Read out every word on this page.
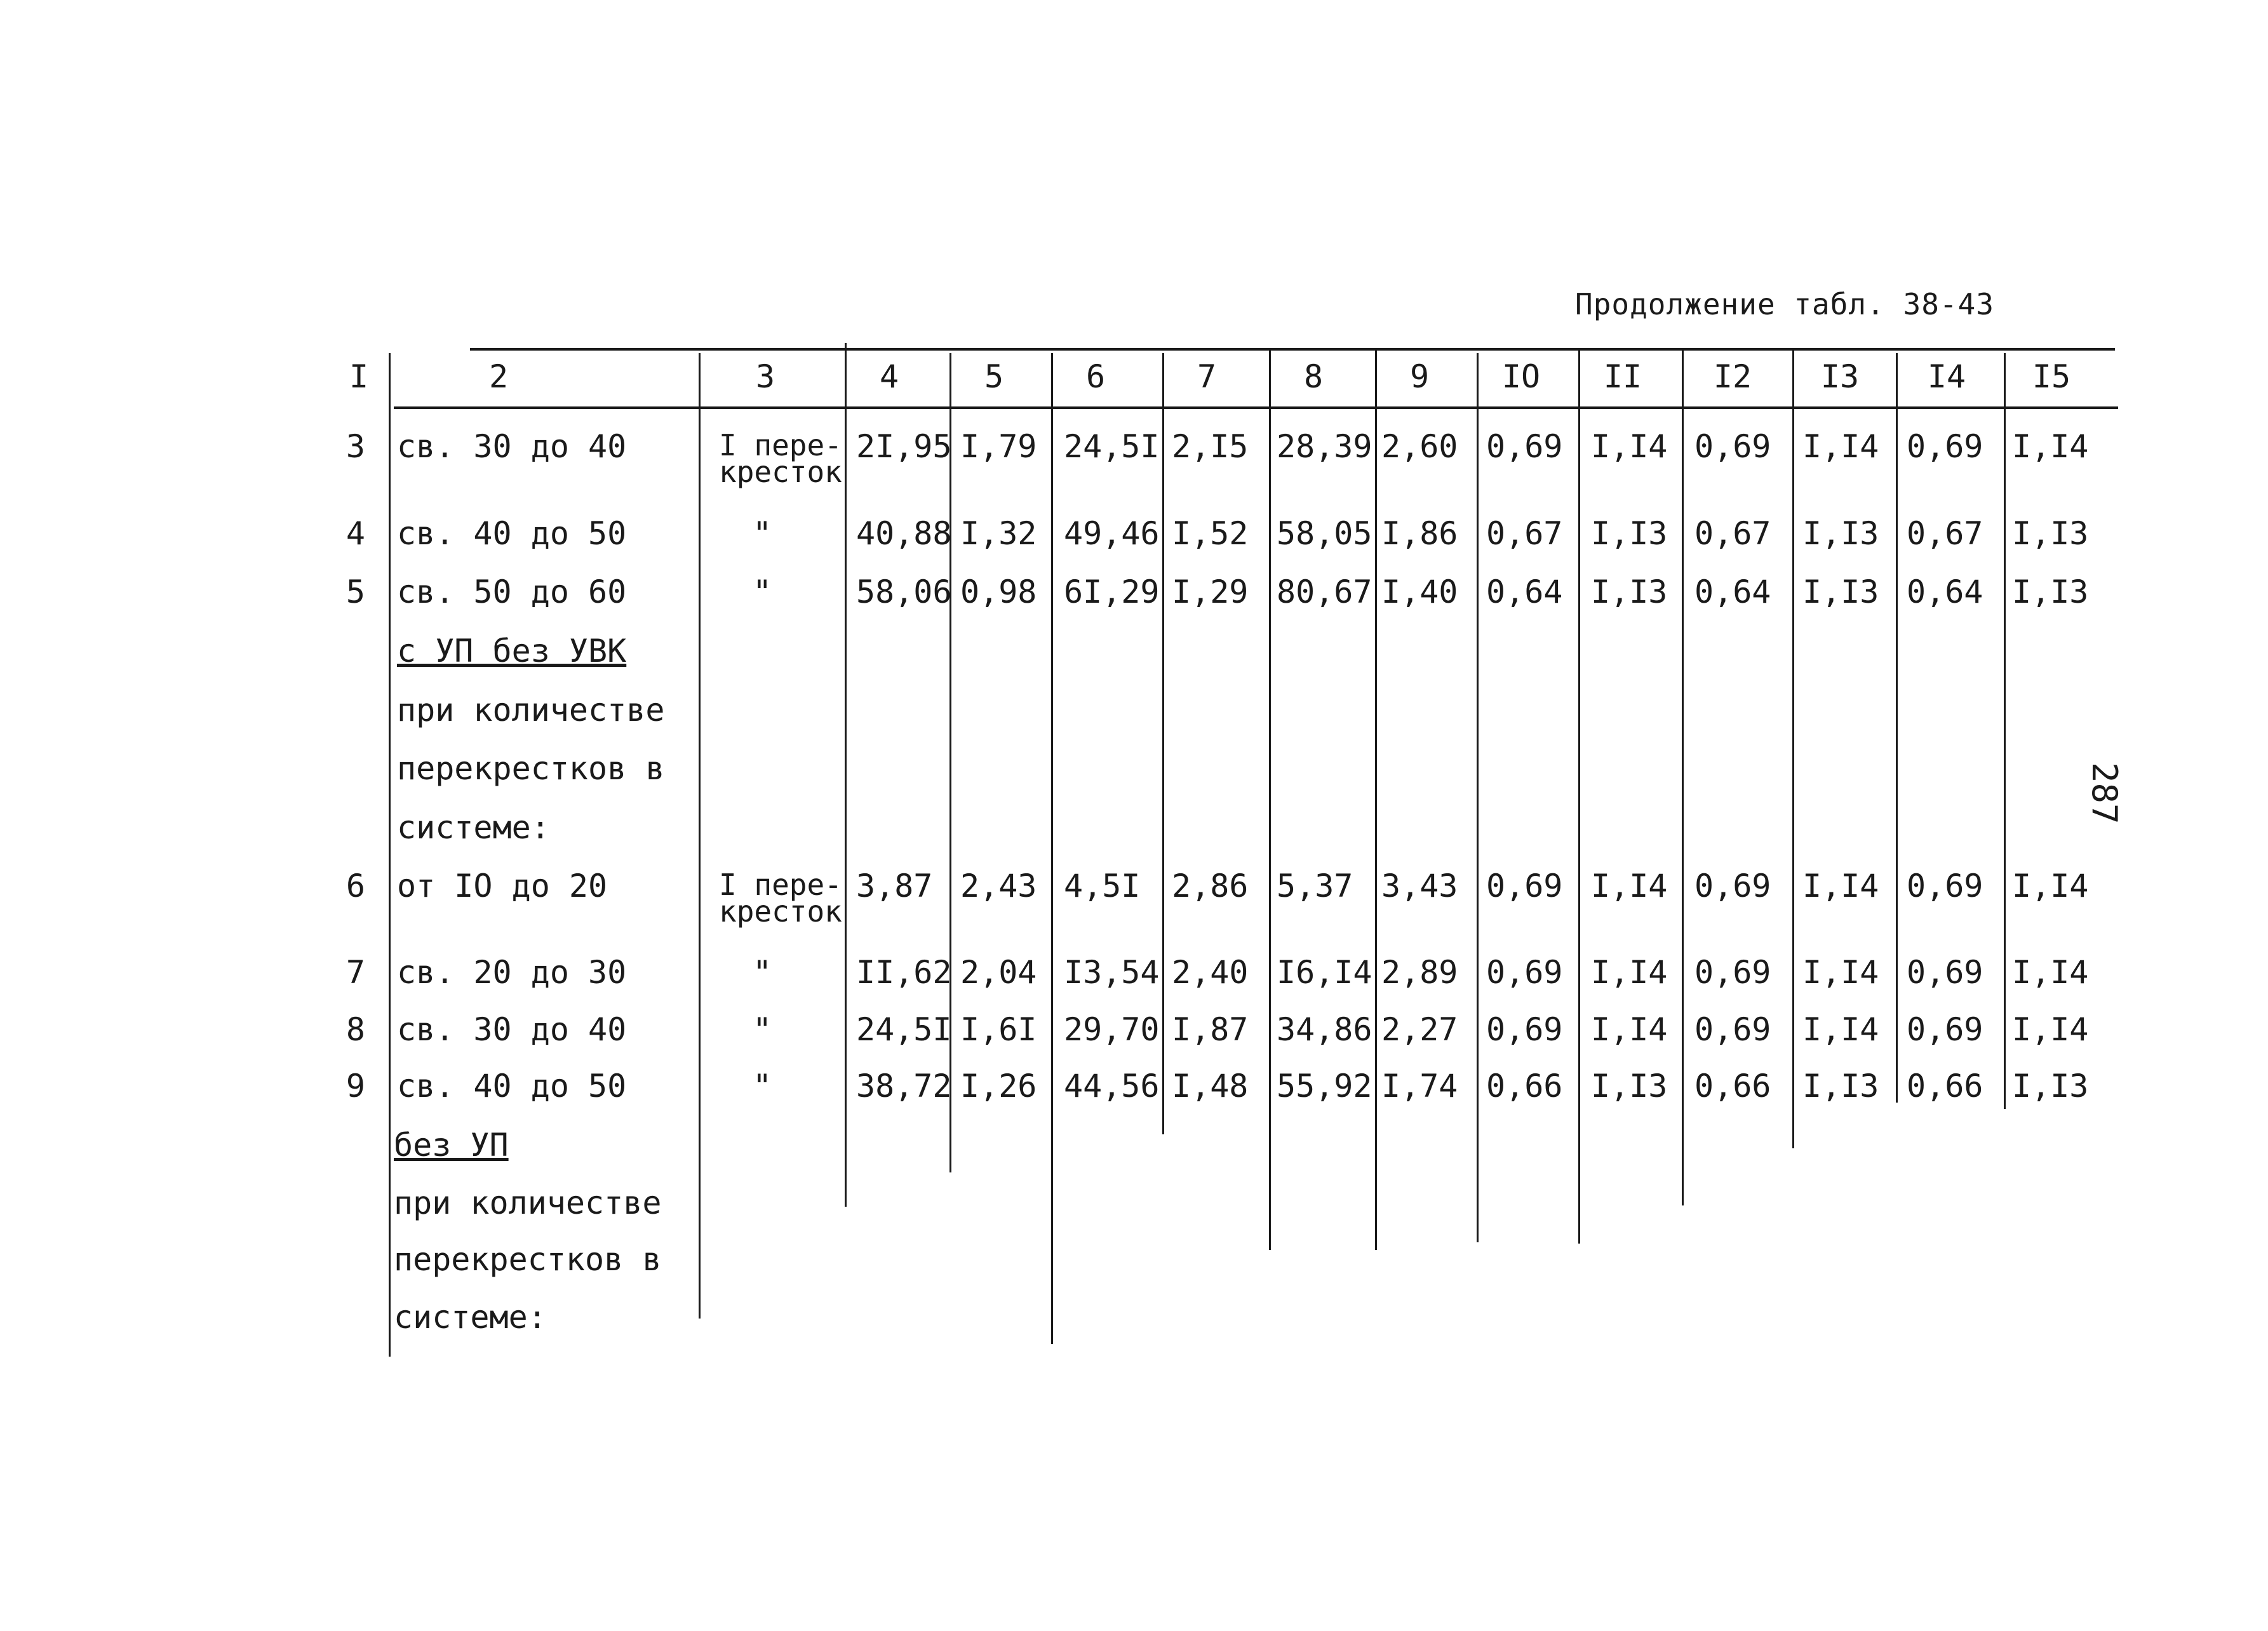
Продолжение табл. 38-43
287
I	2	3	4	5	6	7	8	9	IO	II	I2	I3	I4	I5
3 св. 30 до 40	I пере-
кресток
2I,95 I,79 24,5I 2,I5 28,39 2,60 0,69 I,I4 0,69 I,I4 0,69 I,I4
4 св. 40 до 50	"	40,88 I,32 49,46 I,52 58,05 I,86 0,67 I,I3 0,67 I,I3 0,67 I,I3
5 св. 50 до 60	"	58,06 0,98 6I,29 I,29 80,67 I,40 0,64 I,I3 0,64 I,I3 0,64 I,I3
с УП без УВК
при количестве
перекрестков в
системе:
6 от IO до 20	I пере-
кресток
3,87 2,43 4,5I 2,86 5,37 3,43 0,69 I,I4 0,69 I,I4 0,69 I,I4
7 св. 20 до 30	"	II,62 2,04 I3,54 2,40 I6,I4 2,89 0,69 I,I4 0,69 I,I4 0,69 I,I4
8 св. 30 до 40	"	24,5I I,6I 29,70 I,87 34,86 2,27 0,69 I,I4 0,69 I,I4 0,69 I,I4
9 св. 40 до 50	"	38,72 I,26 44,56 I,48 55,92 I,74 0,66 I,I3 0,66 I,I3 0,66 I,I3
без УП
при количестве
перекрестков в
системе:
